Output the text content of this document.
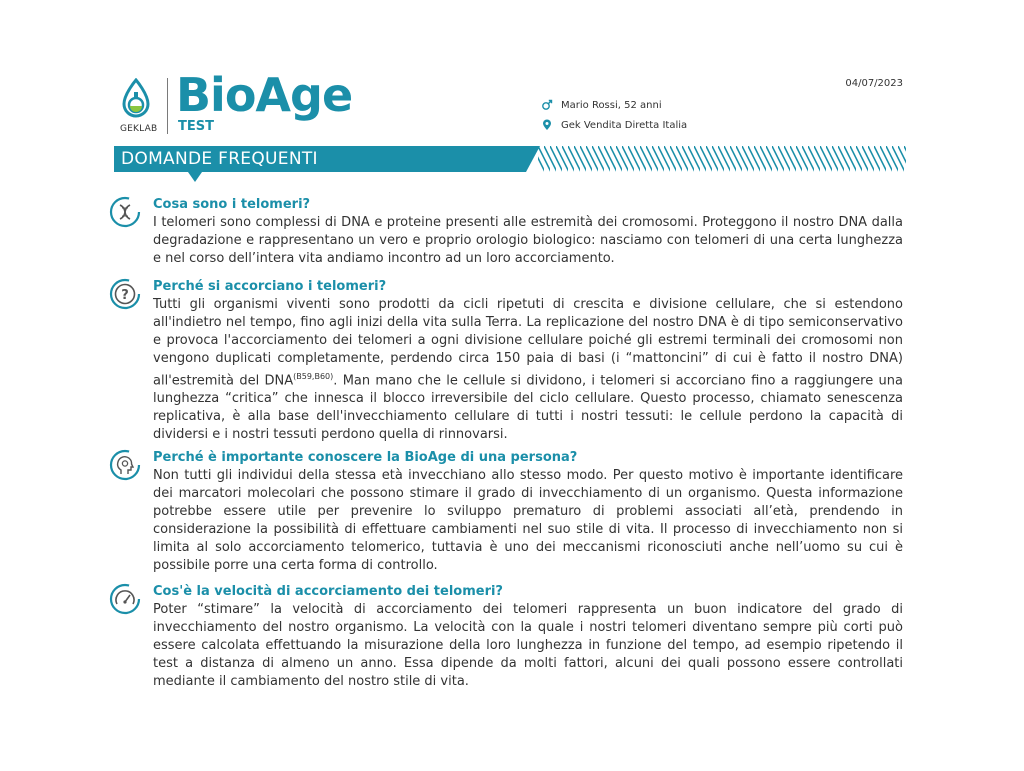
GEKLAB
BioAge
TEST
04/07/2023
Mario Rossi, 52 anni
Gek Vendita Diretta Italia
DOMANDE FREQUENTI
Cosa sono i telomeri?
I telomeri sono complessi di DNA e proteine presenti alle estremità dei cromosomi. Proteggono il nostro DNA dalla degradazione e rappresentano un vero e proprio orologio biologico: nasciamo con telomeri di una certa lunghezza e nel corso dell’intera vita andiamo incontro ad un loro accorciamento.
?
Perché si accorciano i telomeri?
Tutti gli organismi viventi sono prodotti da cicli ripetuti di crescita e divisione cellulare, che si estendono all'indietro nel tempo, fino agli inizi della vita sulla Terra. La replicazione del nostro DNA è di tipo semiconservativo e provoca l'accorciamento dei telomeri a ogni divisione cellulare poiché gli estremi terminali dei cromosomi non vengono duplicati completamente, perdendo circa 150 paia di basi (i “mattoncini” di cui è fatto il nostro DNA) all'estremità del $DNA^{(B59,B60)}$. Man mano che le cellule si dividono, i telomeri si accorciano fino a raggiungere una lunghezza “critica” che innesca il blocco irreversibile del ciclo cellulare. Questo processo, chiamato senescenza replicativa, è alla base dell'invecchiamento cellulare di tutti i nostri tessuti: le cellule perdono la capacità di dividersi e i nostri tessuti perdono quella di rinnovarsi.
Perché è importante conoscere la BioAge di una persona?
Non tutti gli individui della stessa età invecchiano allo stesso modo. Per questo motivo è importante identificare dei marcatori molecolari che possono stimare il grado di invecchiamento di un organismo. Questa informazione potrebbe essere utile per prevenire lo sviluppo prematuro di problemi associati all’età, prendendo in considerazione la possibilità di effettuare cambiamenti nel suo stile di vita. Il processo di invecchiamento non si limita al solo accorciamento telomerico, tuttavia è uno dei meccanismi riconosciuti anche nell’uomo su cui è possibile porre una certa forma di controllo.
Cos'è la velocità di accorciamento dei telomeri?
Poter “stimare” la velocità di accorciamento dei telomeri rappresenta un buon indicatore del grado di invecchiamento del nostro organismo. La velocità con la quale i nostri telomeri diventano sempre più corti può essere calcolata effettuando la misurazione della loro lunghezza in funzione del tempo, ad esempio ripetendo il test a distanza di almeno un anno. Essa dipende da molti fattori, alcuni dei quali possono essere controllati mediante il cambiamento del nostro stile di vita.
